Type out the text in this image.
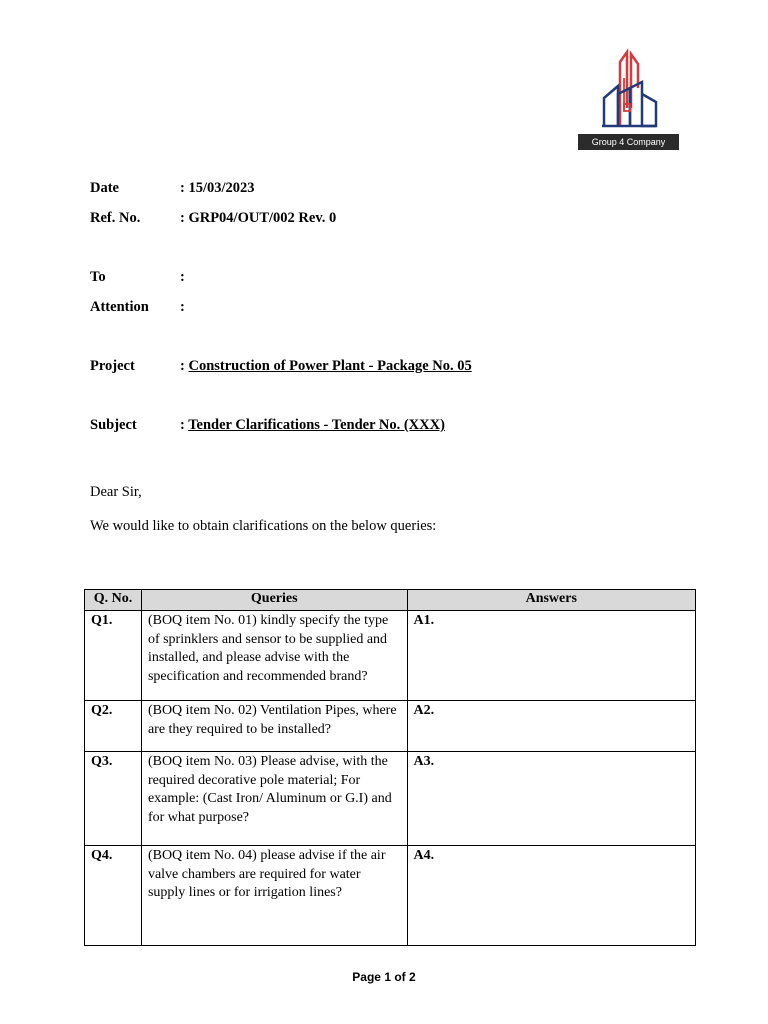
Group 4 Company
Date	: 15/03/2023
Ref. No.	: GRP04/OUT/002 Rev. 0
To	:
Attention :
Project	: Construction of Power Plant - Package No. 05
Subject	: Tender Clarifications - Tender No. (XXX)
Dear Sir,
We would like to obtain clarifications on the below queries:
Q. No.	Queries	Answers
Q1.	(BOQ item No. 01) kindly specify the type of sprinklers and sensor to be supplied and installed, and please advise with the specification and recommended brand?	A1.
Q2.	(BOQ item No. 02) Ventilation Pipes, where are they required to be installed?	A2.
Q3.	(BOQ item No. 03) Please advise, with the required decorative pole material; For example: (Cast Iron/ Aluminum or G.I) and for what purpose?	A3.
Q4.	(BOQ item No. 04) please advise if the air valve chambers are required for water supply lines or for irrigation lines?	A4.
Page 1 of 2
